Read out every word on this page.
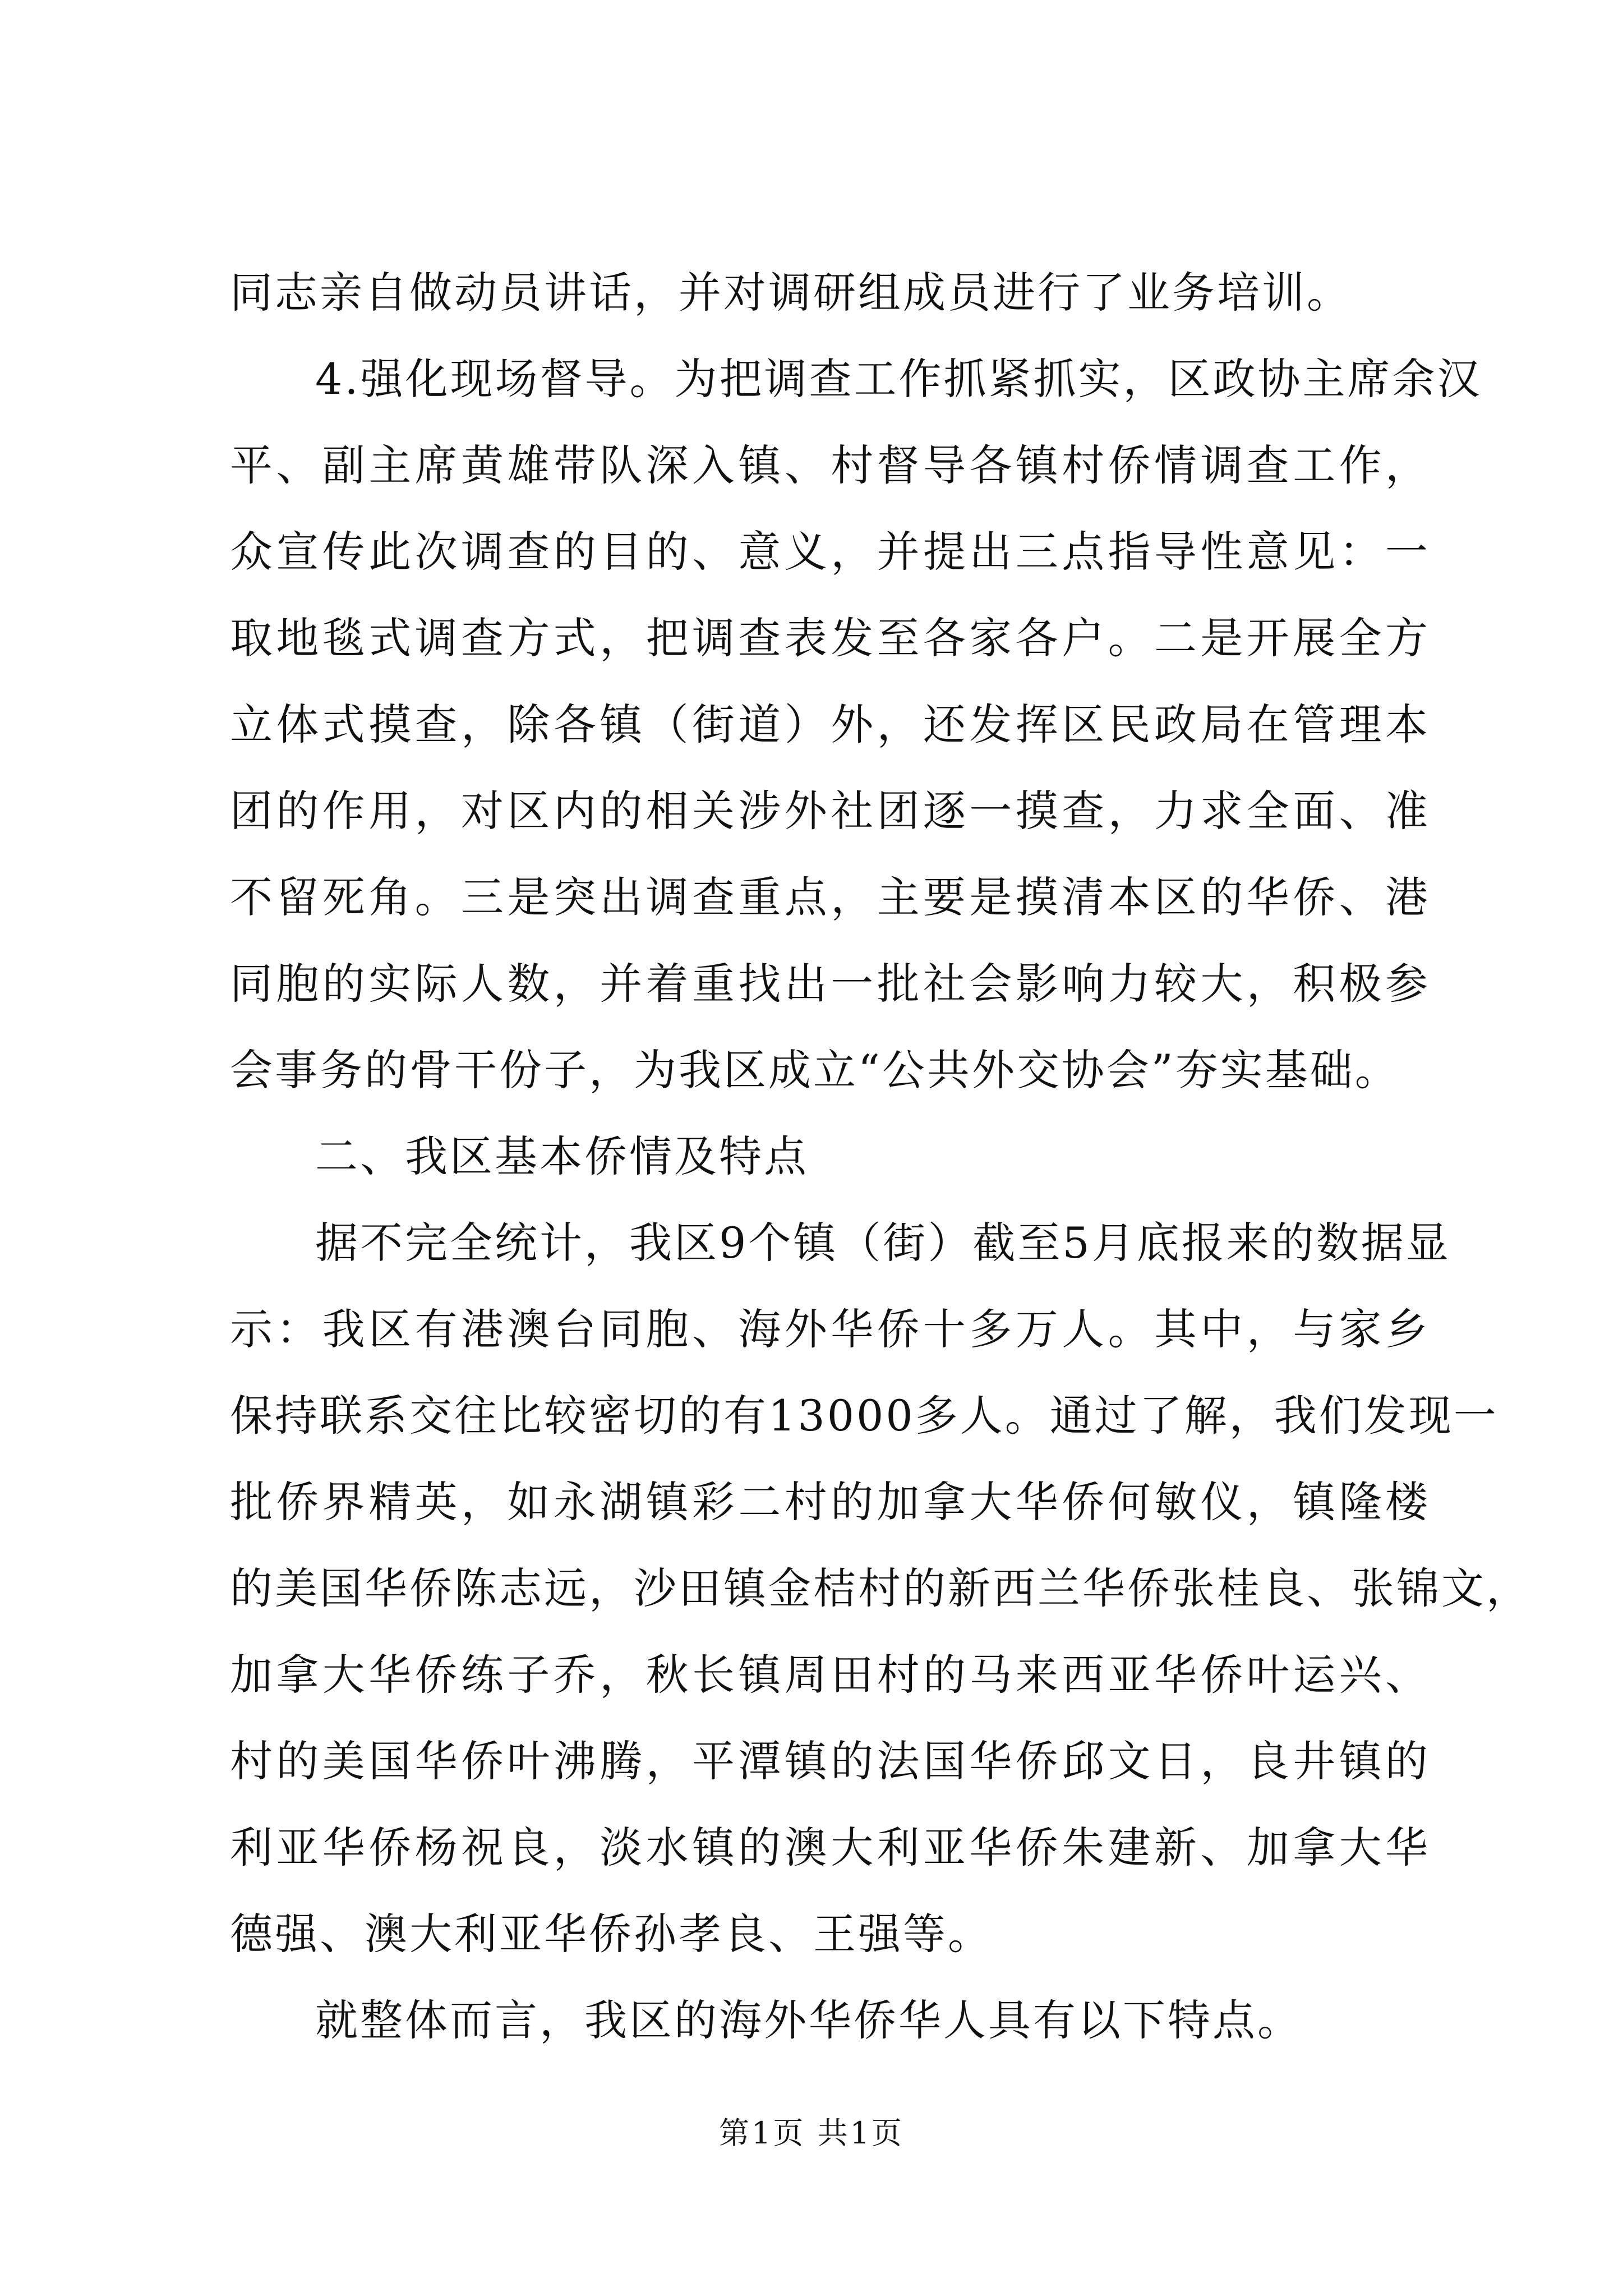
同志亲自做动员讲话，并对调研组成员进行了业务培训。
4.强化现场督导。为把调查工作抓紧抓实，区政协主席余汉
平、副主席黄雄带队深入镇、村督导各镇村侨情调查工作，
众宣传此次调查的目的、意义，并提出三点指导性意见：一
取地毯式调查方式，把调查表发至各家各户。二是开展全方
立体式摸查，除各镇（街道）外，还发挥区民政局在管理本
团的作用，对区内的相关涉外社团逐一摸查，力求全面、准
不留死角。三是突出调查重点，主要是摸清本区的华侨、港
同胞的实际人数，并着重找出一批社会影响力较大，积极参
会事务的骨干份子，为我区成立“公共外交协会”夯实基础。
二、我区基本侨情及特点
据不完全统计，我区9个镇（街）截至5月底报来的数据显
示：我区有港澳台同胞、海外华侨十多万人。其中，与家乡
保持联系交往比较密切的有13000多人。通过了解，我们发现一
批侨界精英，如永湖镇彩二村的加拿大华侨何敏仪，镇隆楼
的美国华侨陈志远，沙田镇金桔村的新西兰华侨张桂良、张锦文，
加拿大华侨练子乔，秋长镇周田村的马来西亚华侨叶运兴、
村的美国华侨叶沸腾，平潭镇的法国华侨邱文日，良井镇的
利亚华侨杨祝良，淡水镇的澳大利亚华侨朱建新、加拿大华
德强、澳大利亚华侨孙孝良、王强等。
就整体而言，我区的海外华侨华人具有以下特点。
第1页 共1页
